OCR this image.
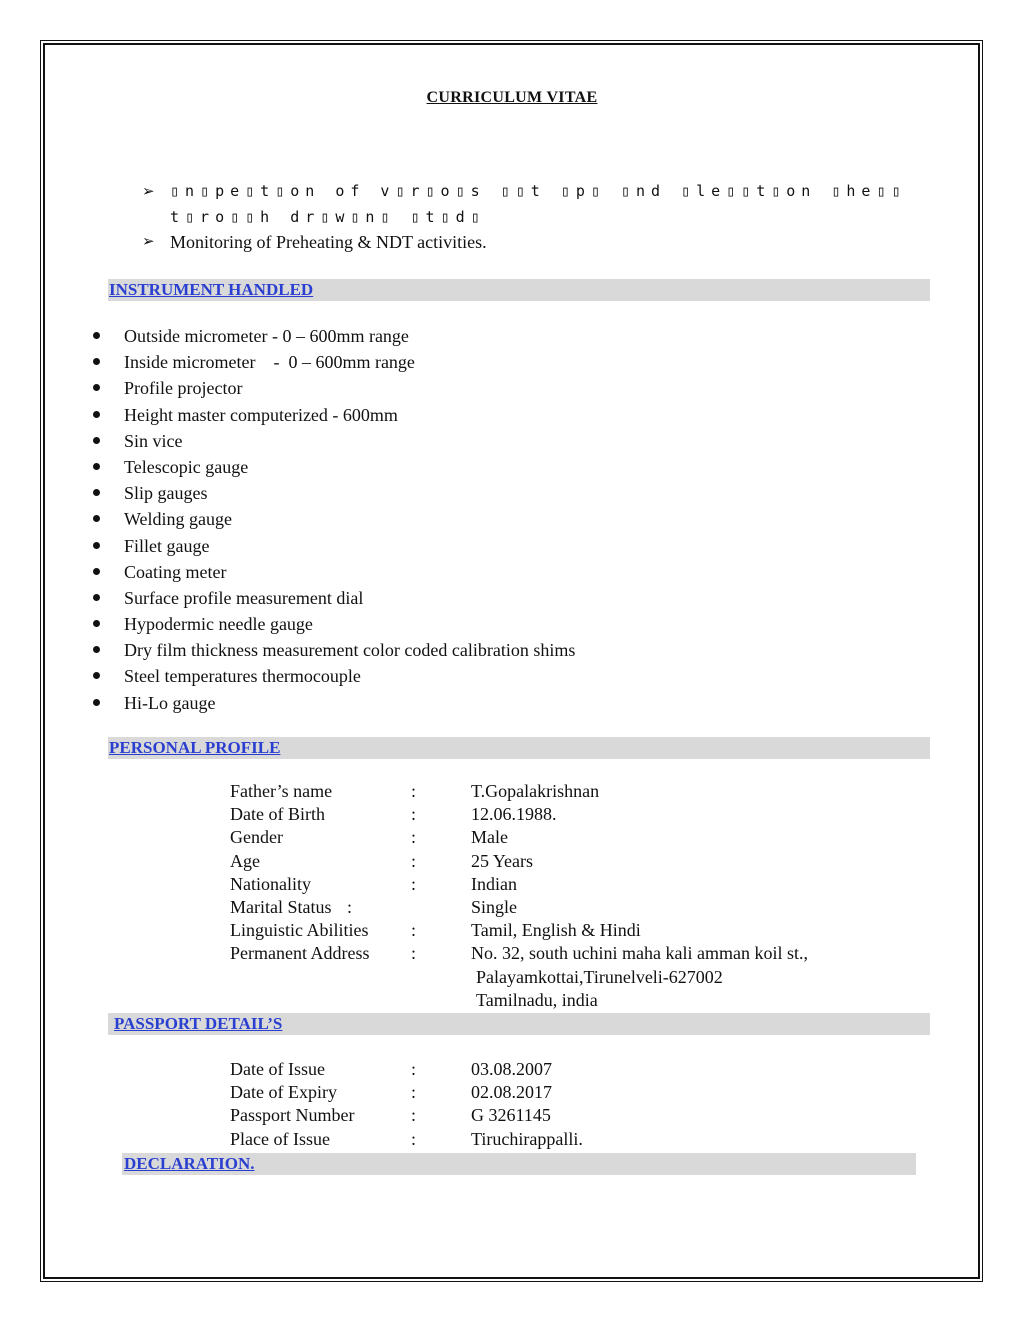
CURRICULUM VITAE
➢ ▯n▯pe▯t▯on of v▯r▯o▯s ▯▯t ▯p▯ ▯nd ▯le▯▯t▯on ▯he▯▯
t▯ro▯▯h dr▯w▯n▯ ▯t▯d▯
➢ Monitoring of Preheating & NDT activities.
INSTRUMENT HANDLED
Outside micrometer - 0 – 600mm range
Inside micrometer    -  0 – 600mm range
Profile projector
Height master computerized - 600mm
Sin vice
Telescopic gauge
Slip gauges
Welding gauge
Fillet gauge
Coating meter
Surface profile measurement dial
Hypodermic needle gauge
Dry film thickness measurement color coded calibration shims
Steel temperatures thermocouple
Hi-Lo gauge
PERSONAL PROFILE
Father’s name	:	T.Gopalakrishnan
Date of Birth	:	12.06.1988.
Gender	:	Male
Age	:	25 Years
Nationality	:	Indian
Marital Status :	Single
Linguistic Abilities :	Tamil, English & Hindi
Permanent Address :	No. 32, south uchini maha kali amman koil st.,
Palayamkottai,Tirunelveli-627002
Tamilnadu, india
PASSPORT DETAIL’S
Date of Issue	:	03.08.2007
Date of Expiry	:	02.08.2017
Passport Number	:	G 3261145
Place of Issue	:	Tiruchirappalli.
DECLARATION.
